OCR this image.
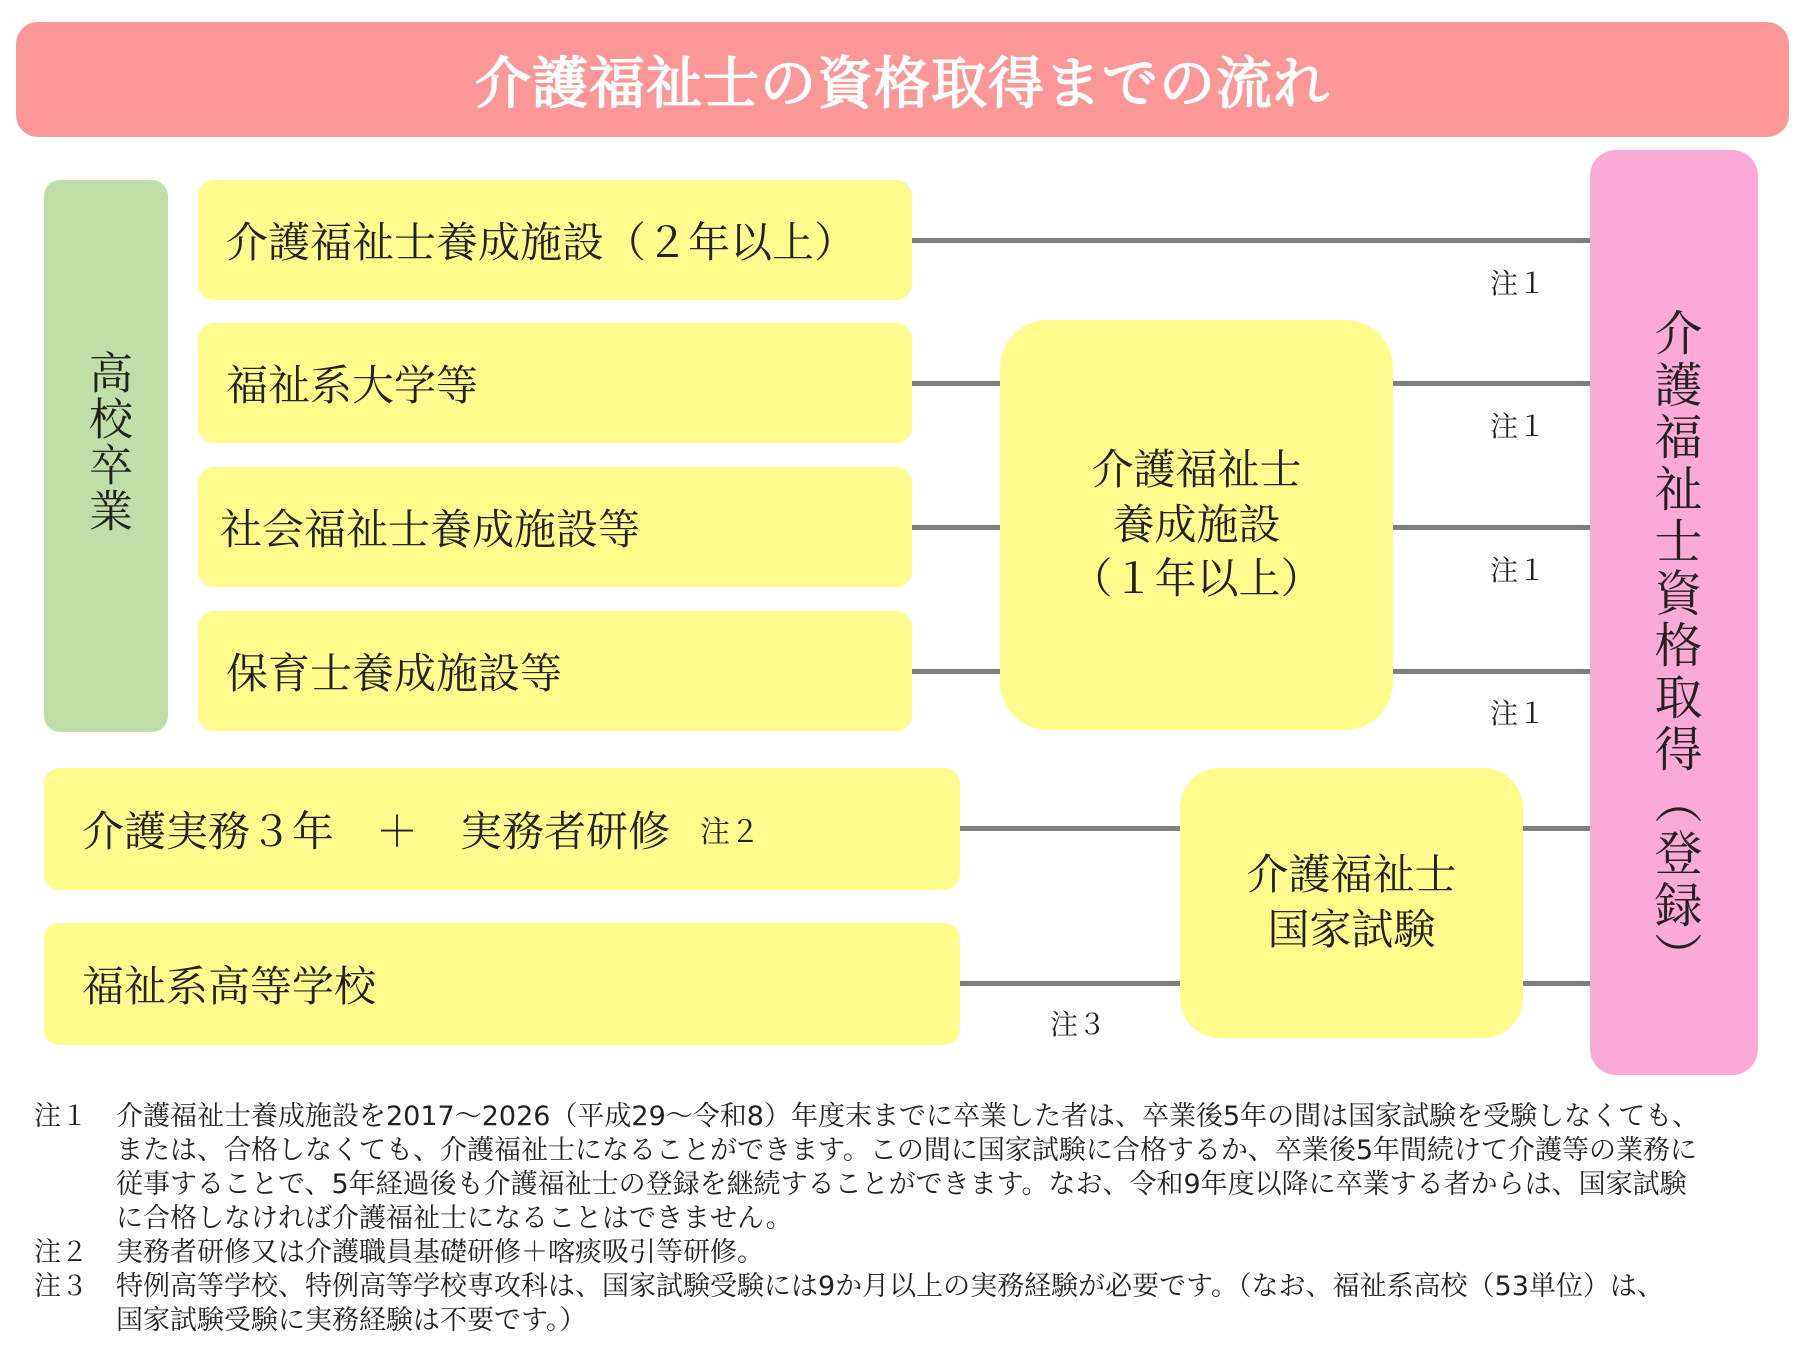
介護福祉士の資格取得までの流れ
高校卒業	介護福祉士資格取得（登録）
介護福祉士養成施設（２年以上）
福祉系大学等
社会福祉士養成施設等
保育士養成施設等
介護福祉士
養成施設
（１年以上）
介護実務３年　＋　実務者研修 注２
福祉系高等学校
介護福祉士
国家試験
注１
注１
注１
注１
注３
注１	介護福祉士養成施設を2017～2026（平成29～令和8）年度末までに卒業した者は、卒業後5年の間は国家試験を受験しなくても、
または、合格しなくても、介護福祉士になることができます。この間に国家試験に合格するか、卒業後5年間続けて介護等の業務に
従事することで、5年経過後も介護福祉士の登録を継続することができます。なお、令和9年度以降に卒業する者からは、国家試験
に合格しなければ介護福祉士になることはできません。
注２	実務者研修又は介護職員基礎研修＋喀痰吸引等研修。
注３	特例高等学校、特例高等学校専攻科は、国家試験受験には9か月以上の実務経験が必要です。（なお、福祉系高校（53単位）は、
国家試験受験に実務経験は不要です。）
